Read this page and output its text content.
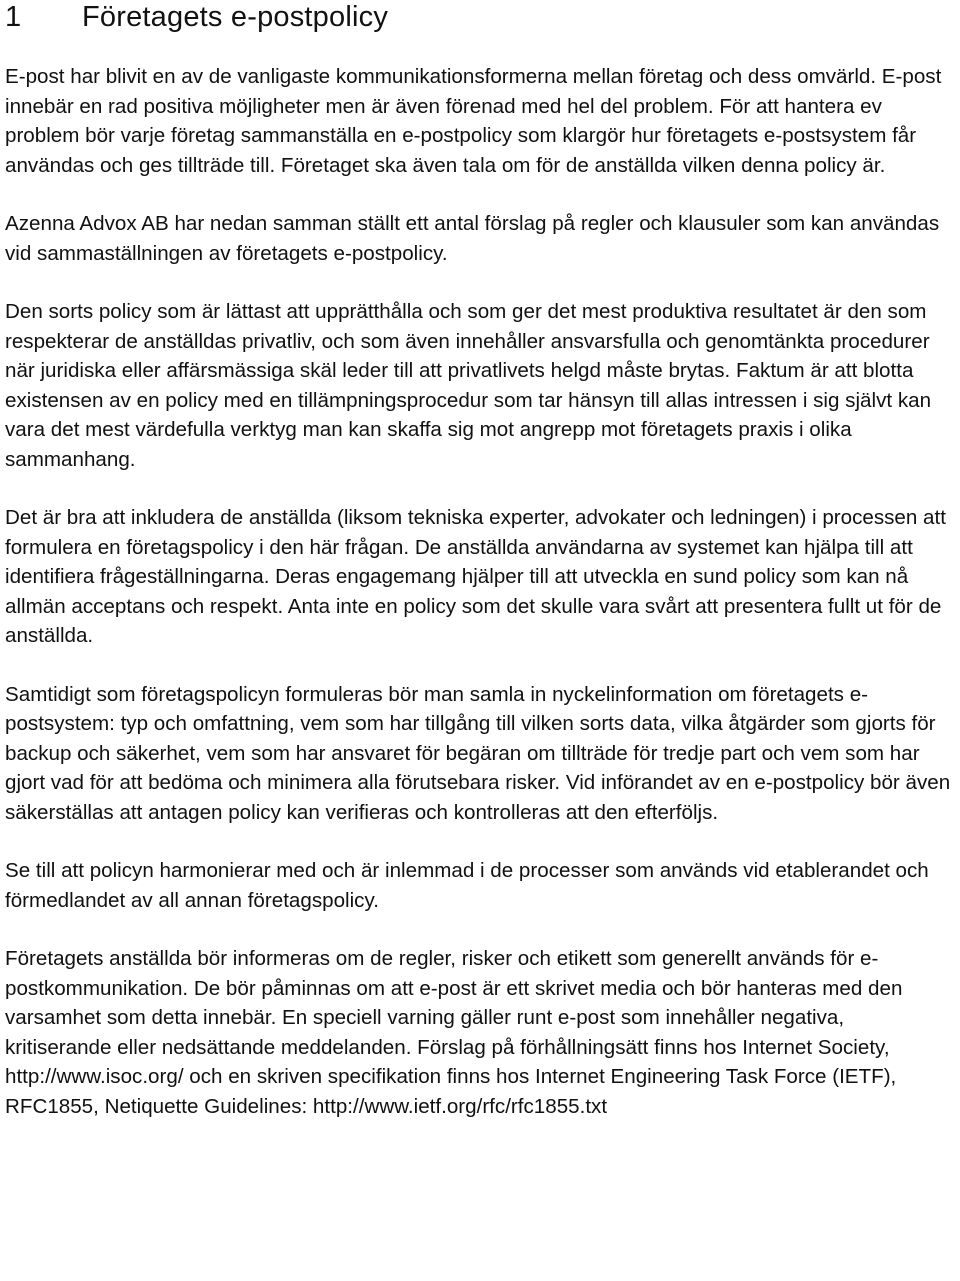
1	Företagets e-postpolicy

E-post har blivit en av de vanligaste kommunikationsformerna mellan företag och dess omvärld. E-post innebär en rad positiva möjligheter men är även förenad med hel del problem. För att hantera ev problem bör varje företag sammanställa en e-postpolicy som klargör hur företagets e-postsystem får användas och ges tillträde till. Företaget ska även tala om för de anställda vilken denna policy är.

Azenna Advox AB har nedan samman ställt ett antal förslag på regler och klausuler som kan användas vid sammaställningen av företagets e-postpolicy.

Den sorts policy som är lättast att upprätthålla och som ger det mest produktiva resultatet är den som respekterar de anställdas privatliv, och som även innehåller ansvarsfulla och genomtänkta procedurer när juridiska eller affärsmässiga skäl leder till att privatlivets helgd måste brytas. Faktum är att blotta existensen av en policy med en tillämpningsprocedur som tar hänsyn till allas intressen i sig självt kan vara det mest värdefulla verktyg man kan skaffa sig mot angrepp mot företagets praxis i olika sammanhang.

Det är bra att inkludera de anställda (liksom tekniska experter, advokater och ledningen) i processen att formulera en företagspolicy i den här frågan. De anställda användarna av systemet kan hjälpa till att identifiera frågeställningarna. Deras engagemang hjälper till att utveckla en sund policy som kan nå allmän acceptans och respekt. Anta inte en policy som det skulle vara svårt att presentera fullt ut för de anställda.

Samtidigt som företagspolicyn formuleras bör man samla in nyckelinformation om företagets e-postsystem: typ och omfattning, vem som har tillgång till vilken sorts data, vilka åtgärder som gjorts för backup och säkerhet, vem som har ansvaret för begäran om tillträde för tredje part och vem som har gjort vad för att bedöma och minimera alla förutsebara risker. Vid införandet av en e-postpolicy bör även säkerställas att antagen policy kan verifieras och kontrolleras att den efterföljs.

Se till att policyn harmonierar med och är inlemmad i de processer som används vid etablerandet och förmedlandet av all annan företagspolicy.

Företagets anställda bör informeras om de regler, risker och etikett som generellt används för e-postkommunikation. De bör påminnas om att e-post är ett skrivet media och bör hanteras med den varsamhet som detta innebär. En speciell varning gäller runt e-post som innehåller negativa, kritiserande eller nedsättande meddelanden. Förslag på förhållningsätt finns hos Internet Society, http://www.isoc.org/ och en skriven specifikation finns hos Internet Engineering Task Force (IETF), RFC1855, Netiquette Guidelines: http://www.ietf.org/rfc/rfc1855.txt
